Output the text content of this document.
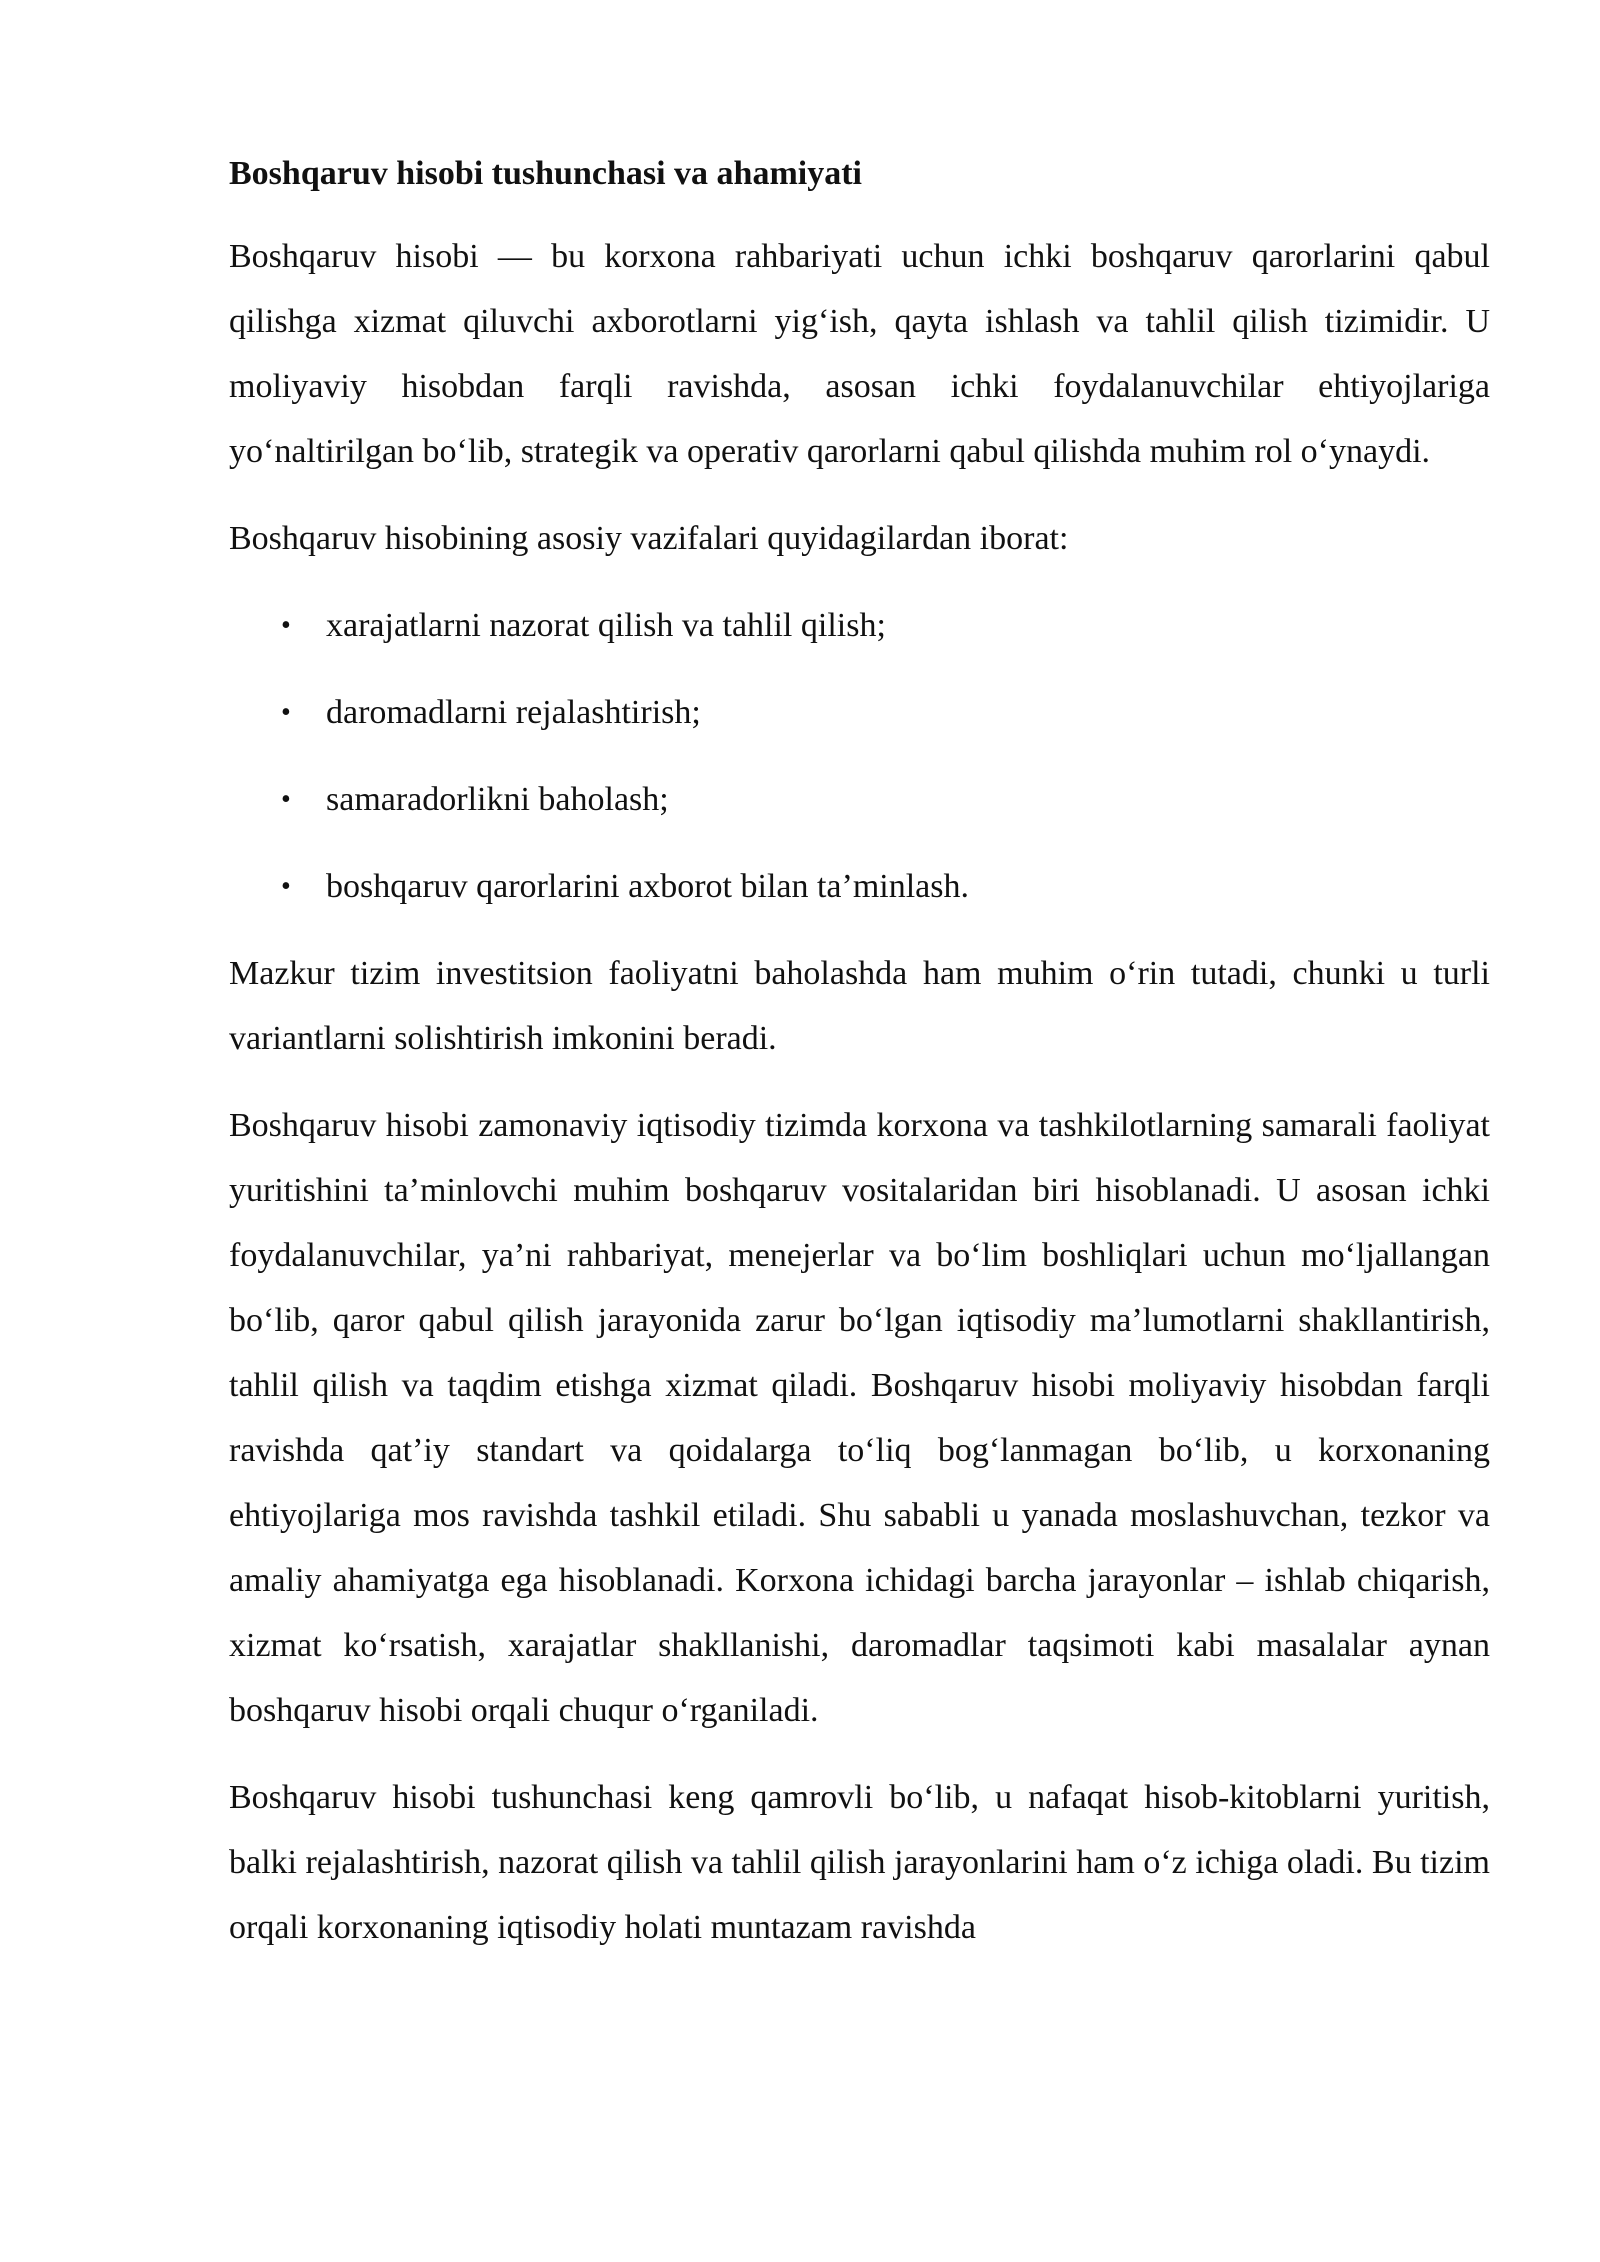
Boshqaruv hisobi tushunchasi va ahamiyati

Boshqaruv hisobi — bu korxona rahbariyati uchun ichki boshqaruv qarorlarini qabul qilishga xizmat qiluvchi axborotlarni yig‘ish, qayta ishlash va tahlil qilish tizimidir. U moliyaviy hisobdan farqli ravishda, asosan ichki foydalanuvchilar ehtiyojlariga yo‘naltirilgan bo‘lib, strategik va operativ qarorlarni qabul qilishda muhim rol o‘ynaydi.

Boshqaruv hisobining asosiy vazifalari quyidagilardan iborat:

• xarajatlarni nazorat qilish va tahlil qilish;
• daromadlarni rejalashtirish;
• samaradorlikni baholash;
• boshqaruv qarorlarini axborot bilan ta’minlash.

Mazkur tizim investitsion faoliyatni baholashda ham muhim o‘rin tutadi, chunki u turli variantlarni solishtirish imkonini beradi.

Boshqaruv hisobi zamonaviy iqtisodiy tizimda korxona va tashkilotlarning samarali faoliyat yuritishini ta’minlovchi muhim boshqaruv vositalaridan biri hisoblanadi. U asosan ichki foydalanuvchilar, ya’ni rahbariyat, menejerlar va bo‘lim boshliqlari uchun mo‘ljallangan bo‘lib, qaror qabul qilish jarayonida zarur bo‘lgan iqtisodiy ma’lumotlarni shakllantirish, tahlil qilish va taqdim etishga xizmat qiladi. Boshqaruv hisobi moliyaviy hisobdan farqli ravishda qat’iy standart va qoidalarga to‘liq bog‘lanmagan bo‘lib, u korxonaning ehtiyojlariga mos ravishda tashkil etiladi. Shu sababli u yanada moslashuvchan, tezkor va amaliy ahamiyatga ega hisoblanadi. Korxona ichidagi barcha jarayonlar – ishlab chiqarish, xizmat ko‘rsatish, xarajatlar shakllanishi, daromadlar taqsimoti kabi masalalar aynan boshqaruv hisobi orqali chuqur o‘rganiladi.

Boshqaruv hisobi tushunchasi keng qamrovli bo‘lib, u nafaqat hisob-kitoblarni yuritish, balki rejalashtirish, nazorat qilish va tahlil qilish jarayonlarini ham o‘z ichiga oladi. Bu tizim orqali korxonaning iqtisodiy holati muntazam ravishda
